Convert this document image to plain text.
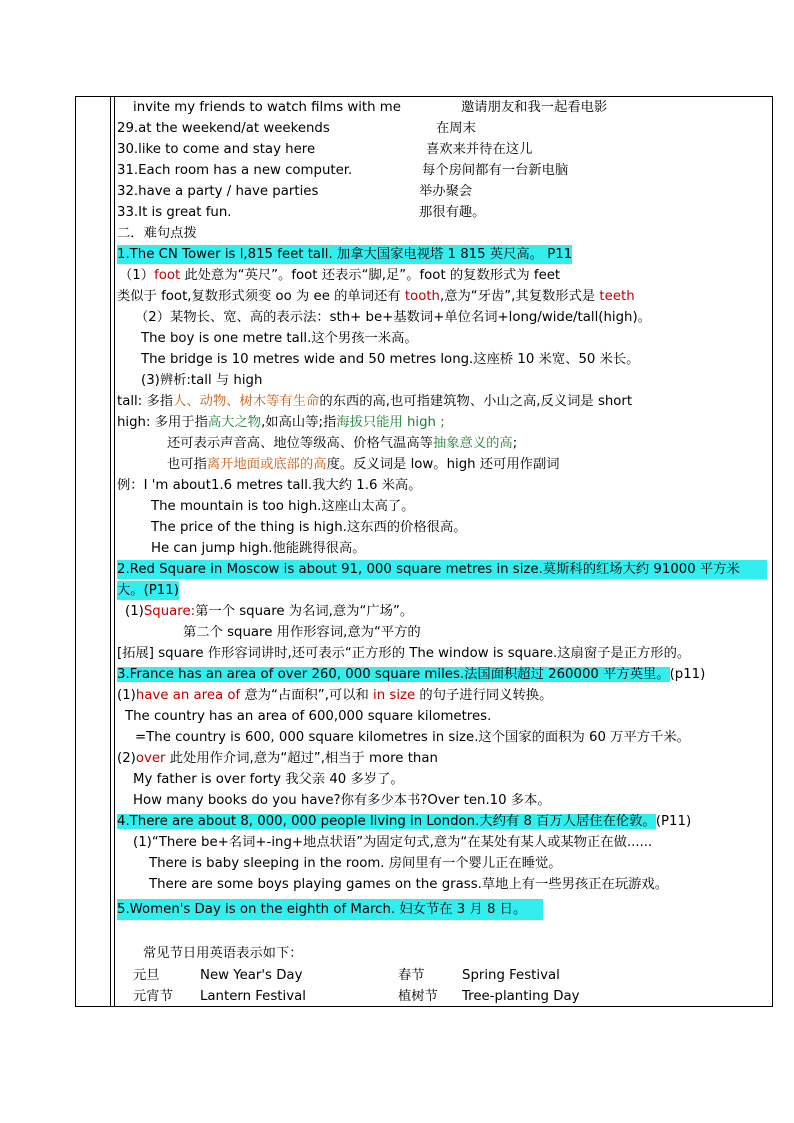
invite my friends to watch films with me	邀请朋友和我一起看电影
29.at the weekend/at weekends	在周末
30.like to come and stay here	喜欢来并待在这儿
31.Each room has a new computer.	每个房间都有一台新电脑
32.have a party / have parties	举办聚会
33.It is great fun.	那很有趣。
二．难句点拨
1.The CN Tower is l,815 feet tall. 加拿大国家电视塔 1 815 英尺高。 P11
（1）foot 此处意为“英尺”。foot 还表示“脚,足”。foot 的复数形式为 feet
类似于 foot,复数形式须变 oo 为 ee 的单词还有 tooth,意为“牙齿”,其复数形式是 teeth
（2）某物长、宽、高的表示法：sth+ be+基数词+单位名词+long/wide/tall(high)。
The boy is one metre tall.这个男孩一米高。
The bridge is 10 metres wide and 50 metres long.这座桥 10 米宽、50 米长。
(3)辨析:tall 与 high
tall: 多指人、动物、树木等有生命的东西的高,也可指建筑物、小山之高,反义词是 short
high: 多用于指高大之物,如高山等;指海拔只能用 high ;
还可表示声音高、地位等级高、价格气温高等抽象意义的高;
也可指离开地面或底部的高度。反义词是 low。high 还可用作副词
例：I 'm about1.6 metres tall.我大约 1.6 米高。
The mountain is too high.这座山太高了。
The price of the thing is high.这东西的价格很高。
He can jump high.他能跳得很高。
2.Red Square in Moscow is about 91, 000 square metres in size.莫斯科的红场大约 91000 平方米
大。(P11)
(1)Square:第一个 square 为名词,意为“广场”。
第二个 square 用作形容词,意为“平方的
[拓展] square 作形容词讲时,还可表示“正方形的 The window is square.这扇窗子是正方形的。
3.France has an area of over 260, 000 square miles.法国面积超过 260000 平方英里。(p11)
(1)have an area of 意为“占面积”,可以和 in size 的句子进行同义转换。
The country has an area of 600,000 square kilometres.
=The country is 600, 000 square kilometres in size.这个国家的面积为 60 万平方千米。
(2)over 此处用作介词,意为“超过”,相当于 more than
My father is over forty 我父亲 40 多岁了。
How many books do you have?你有多少本书?Over ten.10 多本。
4.There are about 8, 000, 000 people living in London.大约有 8 百万人居住在伦敦。(P11)
(1)“There be+名词+-ing+地点状语”为固定句式,意为“在某处有某人或某物正在做......
There is baby sleeping in the room. 房间里有一个婴儿正在睡觉。
There are some boys playing games on the grass.草地上有一些男孩正在玩游戏。
5.Women's Day is on the eighth of March. 妇女节在 3 月 8 日。
常见节日用英语表示如下：
元旦	New Year's Day	春节	Spring Festival
元宵节 Lantern Festival	植树节 Tree-planting Day
